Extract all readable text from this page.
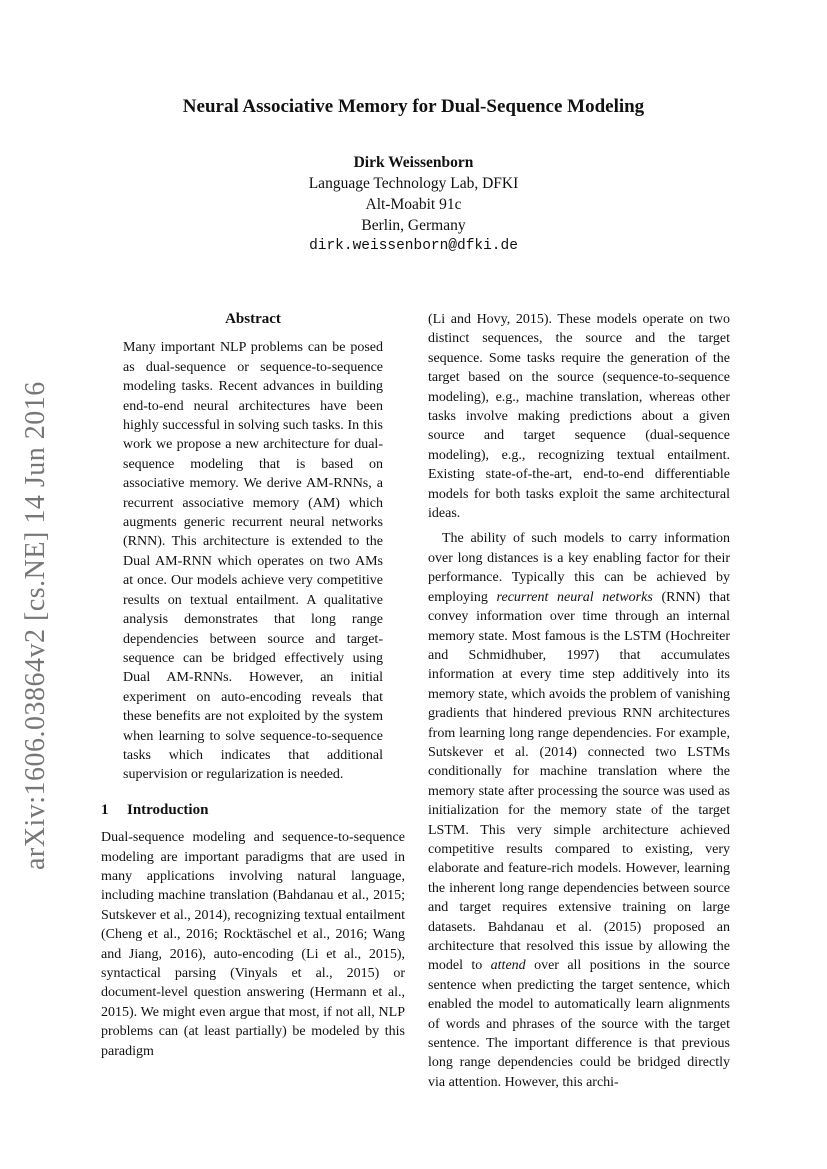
arXiv:1606.03864v2 [cs.NE] 14 Jun 2016
Neural Associative Memory for Dual-Sequence Modeling
Dirk Weissenborn
Language Technology Lab, DFKI
Alt-Moabit 91c
Berlin, Germany
dirk.weissenborn@dfki.de
Abstract

Many important NLP problems can be posed as dual-sequence or sequence-to-sequence modeling tasks. Recent advances in building end-to-end neural architectures have been highly successful in solving such tasks. In this work we propose a new architecture for dual-sequence modeling that is based on associative memory. We derive AM-RNNs, a recurrent associative memory (AM) which augments generic recurrent neural networks (RNN). This architecture is extended to the Dual AM-RNN which operates on two AMs at once. Our models achieve very competitive results on textual entailment. A qualitative analysis demonstrates that long range dependencies between source and target-sequence can be bridged effectively using Dual AM-RNNs. However, an initial experiment on auto-encoding reveals that these benefits are not exploited by the system when learning to solve sequence-to-sequence tasks which indicates that additional supervision or regularization is needed.

1 Introduction

Dual-sequence modeling and sequence-to-sequence modeling are important paradigms that are used in many applications involving natural language, including machine translation (Bahdanau et al., 2015; Sutskever et al., 2014), recognizing textual entailment (Cheng et al., 2016; Rocktäschel et al., 2016; Wang and Jiang, 2016), auto-encoding (Li et al., 2015), syntactical parsing (Vinyals et al., 2015) or document-level question answering (Hermann et al., 2015). We might even argue that most, if not all, NLP problems can (at least partially) be modeled by this paradigm

(Li and Hovy, 2015). These models operate on two distinct sequences, the source and the target sequence. Some tasks require the generation of the target based on the source (sequence-to-sequence modeling), e.g., machine translation, whereas other tasks involve making predictions about a given source and target sequence (dual-sequence modeling), e.g., recognizing textual entailment. Existing state-of-the-art, end-to-end differentiable models for both tasks exploit the same architectural ideas.

The ability of such models to carry information over long distances is a key enabling factor for their performance. Typically this can be achieved by employing recurrent neural networks (RNN) that convey information over time through an internal memory state. Most famous is the LSTM (Hochreiter and Schmidhuber, 1997) that accumulates information at every time step additively into its memory state, which avoids the problem of vanishing gradients that hindered previous RNN architectures from learning long range dependencies. For example, Sutskever et al. (2014) connected two LSTMs conditionally for machine translation where the memory state after processing the source was used as initialization for the memory state of the target LSTM. This very simple architecture achieved competitive results compared to existing, very elaborate and feature-rich models. However, learning the inherent long range dependencies between source and target requires extensive training on large datasets. Bahdanau et al. (2015) proposed an architecture that resolved this issue by allowing the model to attend over all positions in the source sentence when predicting the target sentence, which enabled the model to automatically learn alignments of words and phrases of the source with the target sentence. The important difference is that previous long range dependencies could be bridged directly via attention. However, this archi-
